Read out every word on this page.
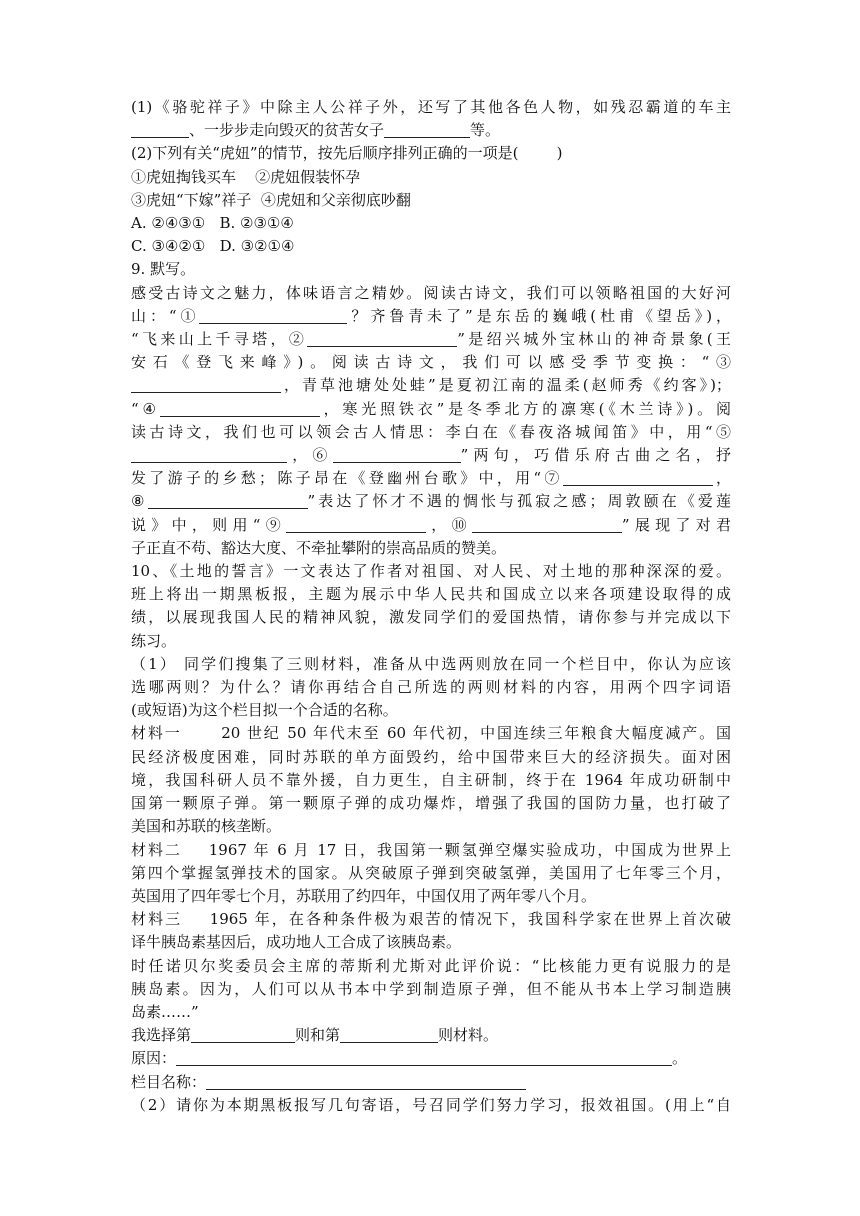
(1)《骆驼祥子》中除主人公祥子外，还写了其他各色人物，如残忍霸道的车主

、一步步走向毁灭的贫苦女子	等。

(2)下列有关“虎妞”的情节，按先后顺序排列正确的一项是(        )

①虎妞掏钱买车    ②虎妞假装怀孕

③虎妞“下嫁”祥子  ④虎妞和父亲彻底吵翻

A. ②④③①   B. ②③①④

C. ③④②①   D. ③②①④

9. 默写。

感受古诗文之魅力，体味语言之精妙。阅读古诗文，我们可以领略祖国的大好河

山：“①	？齐鲁青未了”是东岳的巍峨(杜甫《望岳》)，

“飞来山上千寻塔，②	”是绍兴城外宝林山的神奇景象(王

安石《登飞来峰》)。阅读古诗文，我们可以感受季节变换：“③

，青草池塘处处蛙”是夏初江南的温柔(赵师秀《约客》)；

“④	，寒光照铁衣”是冬季北方的凛寒(《木兰诗》)。阅

读古诗文，我们也可以领会古人情思：李白在《春夜洛城闻笛》中，用“⑤

，⑥	”两句，巧借乐府古曲之名，抒

发了游子的乡愁；陈子昂在《登幽州台歌》中，用“⑦	，

⑧	”表达了怀才不遇的惆怅与孤寂之感；周敦颐在《爱莲

说》中，则用“⑨	，⑩	”展现了对君

子正直不苟、豁达大度、不牵扯攀附的崇高品质的赞美。

10、《土地的誓言》一文表达了作者对祖国、对人民、对土地的那种深深的爱。

班上将出一期黑板报，主题为展示中华人民共和国成立以来各项建设取得的成

绩，以展现我国人民的精神风貌，激发同学们的爱国热情，请你参与并完成以下

练习。

（1） 同学们搜集了三则材料，准备从中选两则放在同一个栏目中，你认为应该

选哪两则？为什么？请你再结合自己所选的两则材料的内容，用两个四字词语

(或短语)为这个栏目拟一个合适的名称。

材料一      20 世纪 50 年代末至 60 年代初，中国连续三年粮食大幅度减产。国

民经济极度困难，同时苏联的单方面毁约，给中国带来巨大的经济损失。面对困

境，我国科研人员不靠外援，自力更生，自主研制，终于在 1964 年成功研制中

国第一颗原子弹。第一颗原子弹的成功爆炸，增强了我国的国防力量，也打破了

美国和苏联的核垄断。

材料二    1967 年 6 月 17 日，我国第一颗氢弹空爆实验成功，中国成为世界上

第四个掌握氢弹技术的国家。从突破原子弹到突破氢弹，美国用了七年零三个月，

英国用了四年零七个月，苏联用了约四年，中国仅用了两年零八个月。

材料三    1965 年，在各种条件极为艰苦的情况下，我国科学家在世界上首次破

译牛胰岛素基因后，成功地人工合成了该胰岛素。

时任诺贝尔奖委员会主席的蒂斯利尤斯对此评价说：“比核能力更有说服力的是

胰岛素。因为，人们可以从书本中学到制造原子弹，但不能从书本上学习制造胰

岛素……”

我选择第	则和第	则材料。

原因：	。

栏目名称：

（2）请你为本期黑板报写几句寄语，号召同学们努力学习，报效祖国。(用上“自
